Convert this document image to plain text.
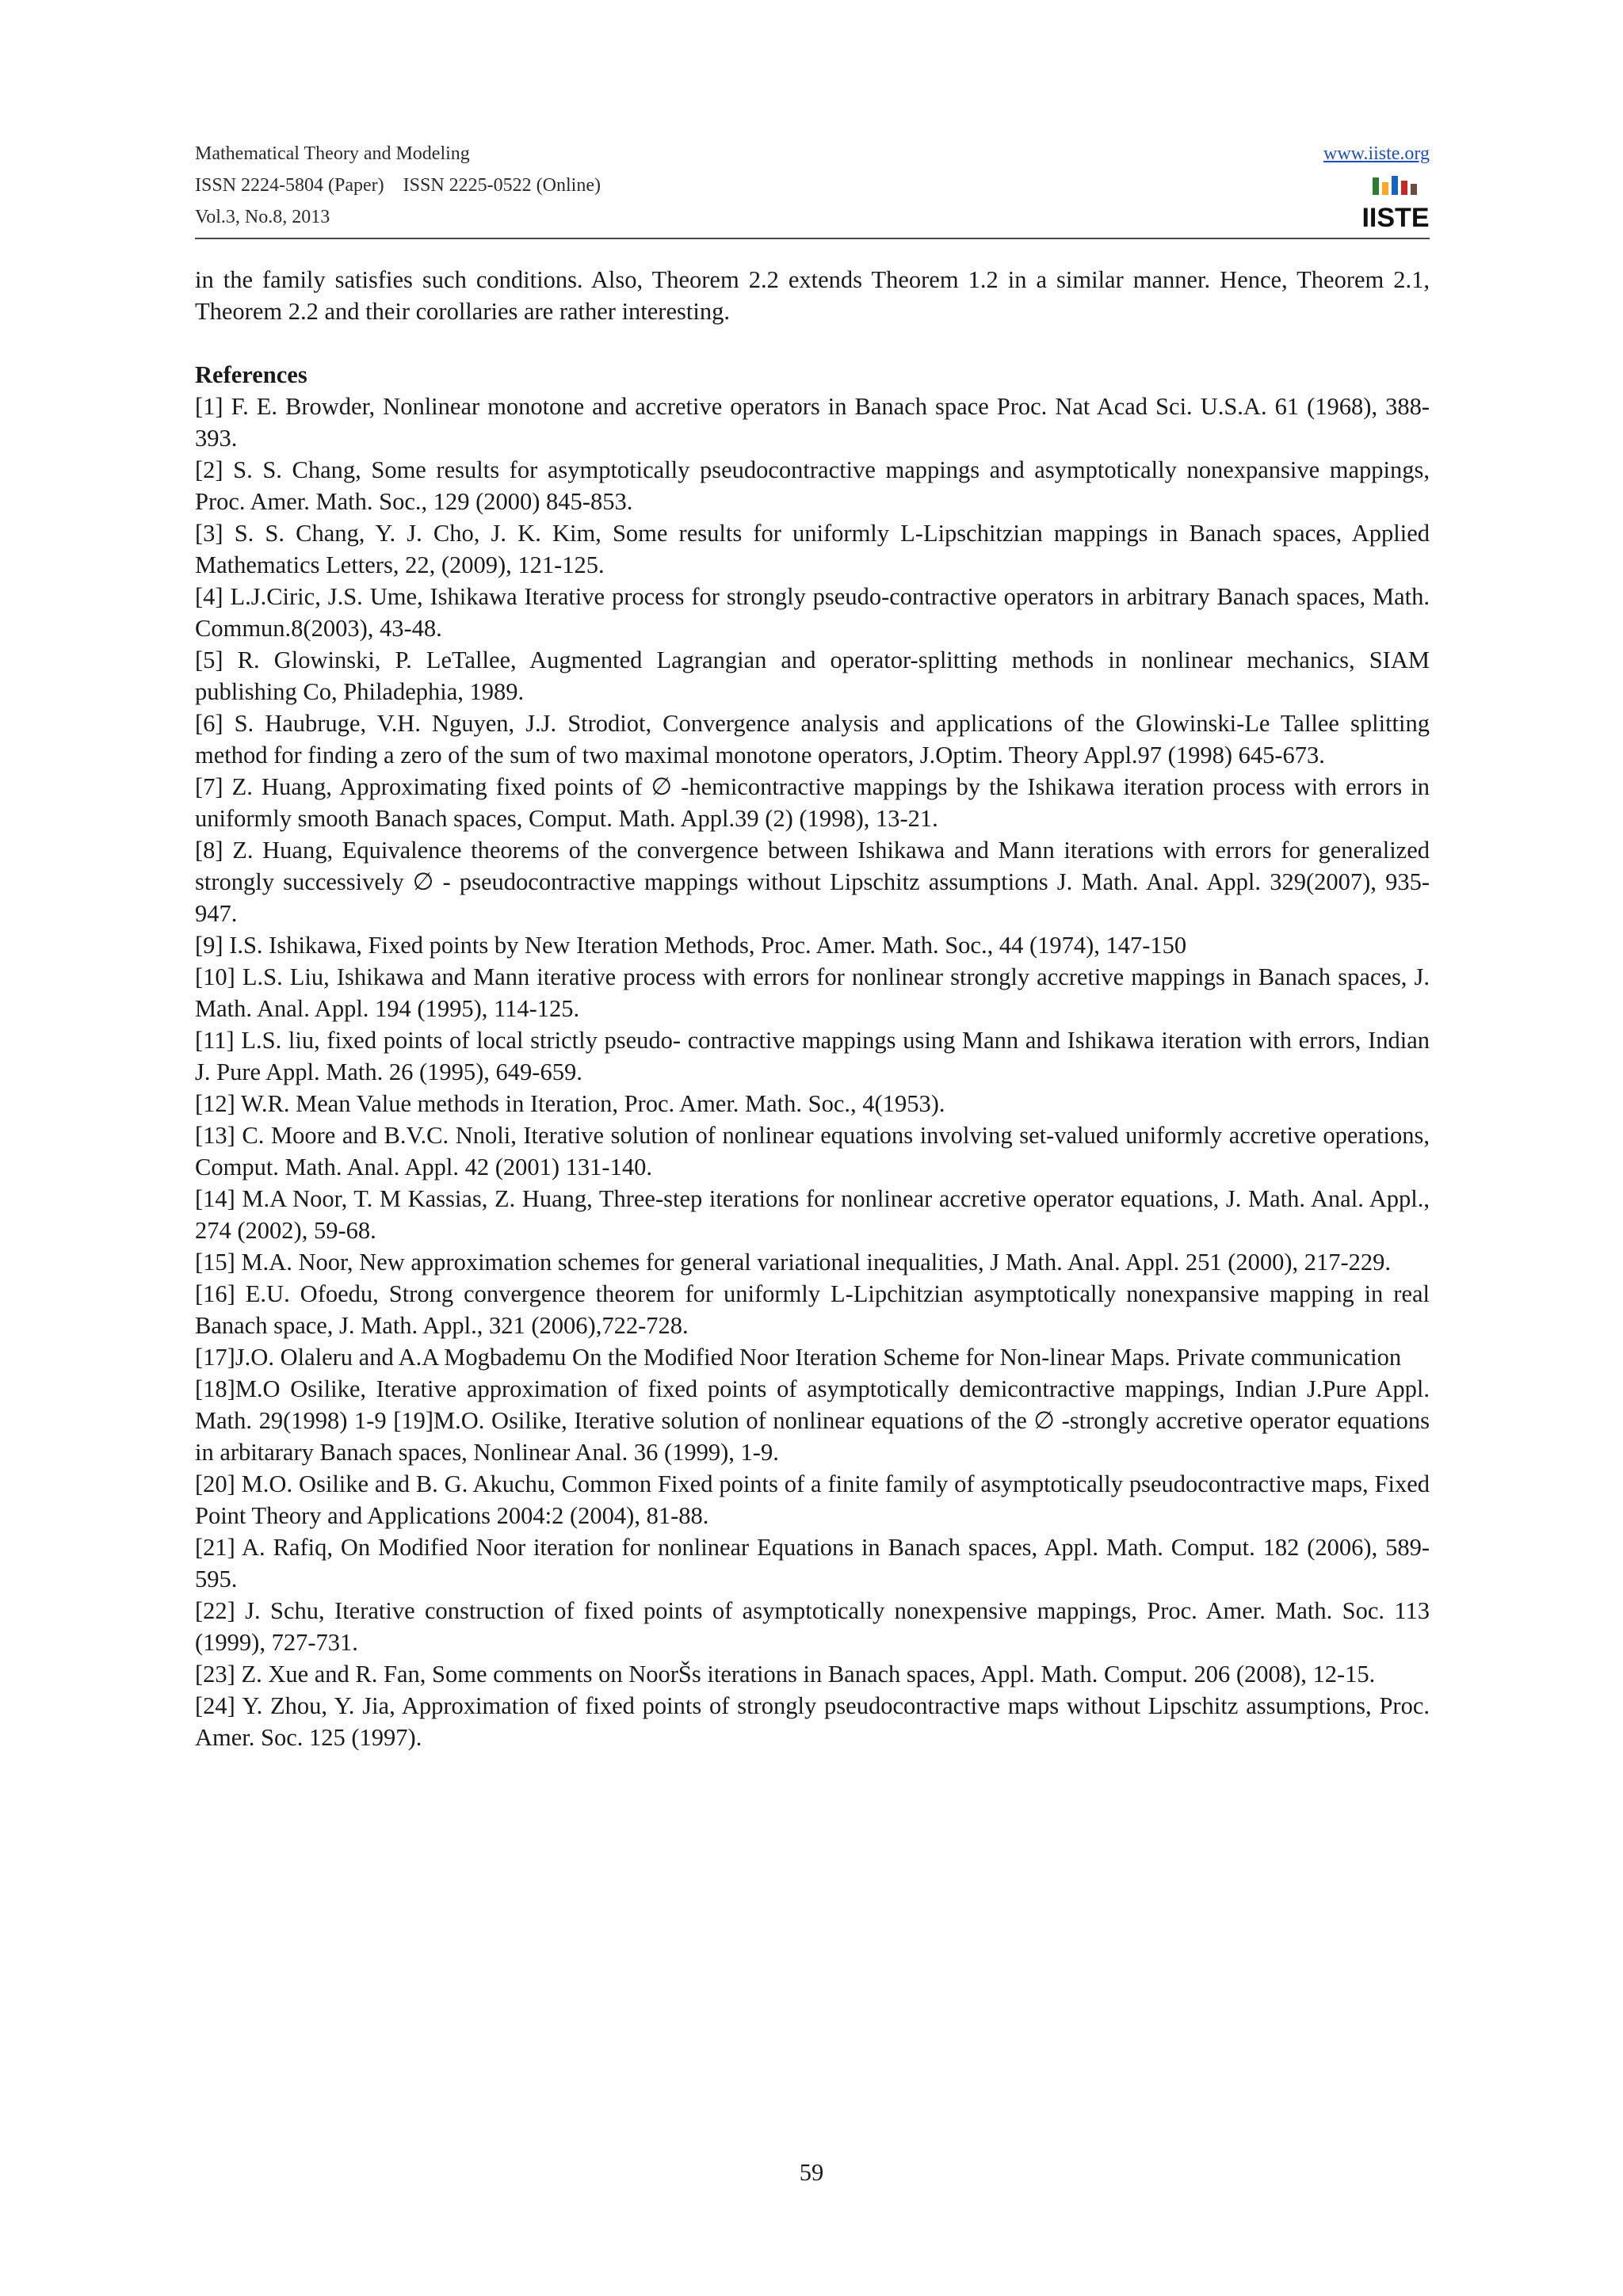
Mathematical Theory and Modeling
ISSN 2224-5804 (Paper)    ISSN 2225-0522 (Online)
Vol.3, No.8, 2013
www.iiste.org
IISTE

in the family satisfies such conditions. Also, Theorem 2.2 extends Theorem 1.2 in a similar manner. Hence, Theorem 2.1, Theorem 2.2 and their corollaries are rather interesting.

References

[1] F. E. Browder, Nonlinear monotone and accretive operators in Banach space Proc. Nat Acad Sci. U.S.A. 61 (1968), 388-393.

[2] S. S. Chang, Some results for asymptotically pseudocontractive mappings and asymptotically nonexpansive mappings, Proc. Amer. Math. Soc., 129 (2000) 845-853.

[3] S. S. Chang, Y. J. Cho, J. K. Kim, Some results for uniformly L-Lipschitzian mappings in Banach spaces, Applied Mathematics Letters, 22, (2009), 121-125.

[4] L.J.Ciric, J.S. Ume, Ishikawa Iterative process for strongly pseudo-contractive operators in arbitrary Banach spaces, Math. Commun.8(2003), 43-48.

[5] R. Glowinski, P. LeTallee, Augmented Lagrangian and operator-splitting methods in nonlinear mechanics, SIAM publishing Co, Philadephia, 1989.

[6] S. Haubruge, V.H. Nguyen, J.J. Strodiot, Convergence analysis and applications of the Glowinski-Le Tallee splitting method for finding a zero of the sum of two maximal monotone operators, J.Optim. Theory Appl.97 (1998) 645-673.

[7] Z. Huang, Approximating fixed points of ∅ -hemicontractive mappings by the Ishikawa iteration process with errors in uniformly smooth Banach spaces, Comput. Math. Appl.39 (2) (1998), 13-21.

[8] Z. Huang, Equivalence theorems of the convergence between Ishikawa and Mann iterations with errors for generalized strongly successively ∅ - pseudocontractive mappings without Lipschitz assumptions J. Math. Anal. Appl. 329(2007), 935-947.

[9] I.S. Ishikawa, Fixed points by New Iteration Methods, Proc. Amer. Math. Soc., 44 (1974), 147-150

[10] L.S. Liu, Ishikawa and Mann iterative process with errors for nonlinear strongly accretive mappings in Banach spaces, J. Math. Anal. Appl. 194 (1995), 114-125.

[11] L.S. liu, fixed points of local strictly pseudo- contractive mappings using Mann and Ishikawa iteration with errors, Indian J. Pure Appl. Math. 26 (1995), 649-659.

[12] W.R. Mean Value methods in Iteration, Proc. Amer. Math. Soc., 4(1953).

[13] C. Moore and B.V.C. Nnoli, Iterative solution of nonlinear equations involving set-valued uniformly accretive operations, Comput. Math. Anal. Appl. 42 (2001) 131-140.

[14] M.A Noor, T. M Kassias, Z. Huang, Three-step iterations for nonlinear accretive operator equations, J. Math. Anal. Appl., 274 (2002), 59-68.

[15] M.A. Noor, New approximation schemes for general variational inequalities, J Math. Anal. Appl. 251 (2000), 217-229.

[16] E.U. Ofoedu, Strong convergence theorem for uniformly L-Lipchitzian asymptotically nonexpansive mapping in real Banach space, J. Math. Appl., 321 (2006),722-728.

[17]J.O. Olaleru and A.A Mogbademu On the Modified Noor Iteration Scheme for Non-linear Maps. Private communication

[18]M.O Osilike, Iterative approximation of fixed points of asymptotically demicontractive mappings, Indian J.Pure Appl. Math. 29(1998) 1-9 [19]M.O. Osilike, Iterative solution of nonlinear equations of the ∅ -strongly accretive operator equations in arbitarary Banach spaces, Nonlinear Anal. 36 (1999), 1-9.

[20] M.O. Osilike and B. G. Akuchu, Common Fixed points of a finite family of asymptotically pseudocontractive maps, Fixed Point Theory and Applications 2004:2 (2004), 81-88.

[21] A. Rafiq, On Modified Noor iteration for nonlinear Equations in Banach spaces, Appl. Math. Comput. 182 (2006), 589-595.

[22] J. Schu, Iterative construction of fixed points of asymptotically nonexpensive mappings, Proc. Amer. Math. Soc. 113 (1999), 727-731.

[23] Z. Xue and R. Fan, Some comments on NoorŠs iterations in Banach spaces, Appl. Math. Comput. 206 (2008), 12-15.

[24] Y. Zhou, Y. Jia, Approximation of fixed points of strongly pseudocontractive maps without Lipschitz assumptions, Proc. Amer. Soc. 125 (1997).

59
